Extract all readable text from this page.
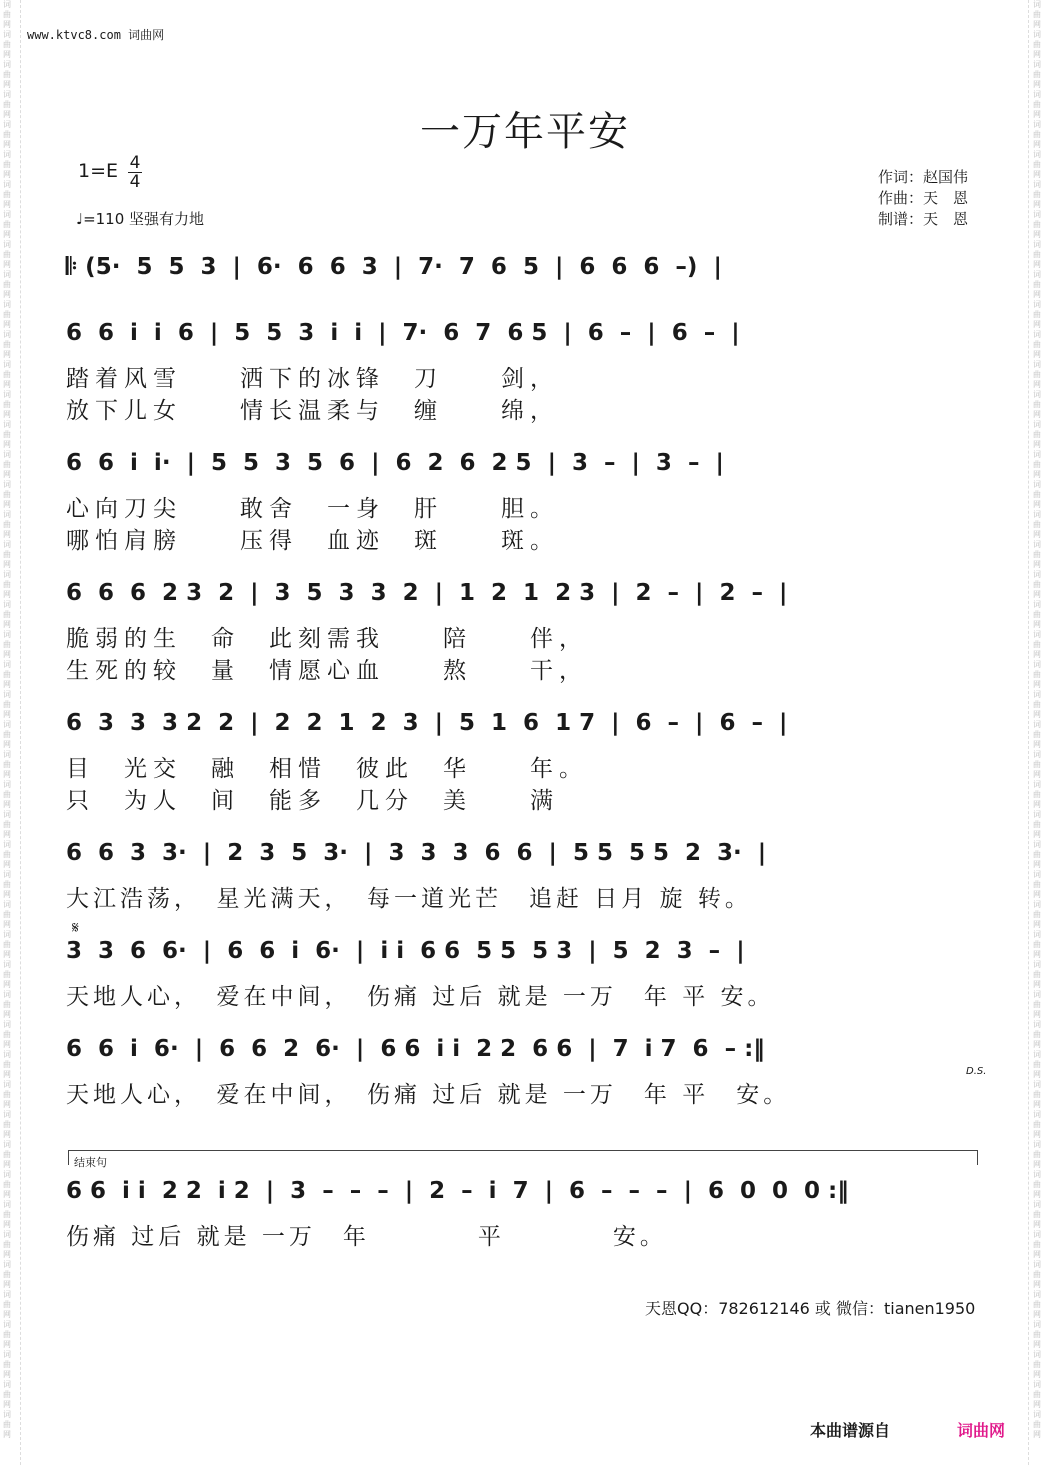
词曲网词曲网词曲网词曲网词曲网词曲网词曲网词曲网词曲网词曲网词曲网词曲网词曲网词曲网词曲网词曲网词曲网词曲网词曲网词曲网词曲网词曲网词曲网词曲网词曲网词曲网词曲网词曲网词曲网词曲网词曲网词曲网词曲网词曲网词曲网词曲网词曲网词曲网词曲网词曲网词曲网词曲网词曲网词曲网词曲网词曲网词曲网词曲网
词曲网词曲网词曲网词曲网词曲网词曲网词曲网词曲网词曲网词曲网词曲网词曲网词曲网词曲网词曲网词曲网词曲网词曲网词曲网词曲网词曲网词曲网词曲网词曲网词曲网词曲网词曲网词曲网词曲网词曲网词曲网词曲网词曲网词曲网词曲网词曲网词曲网词曲网词曲网词曲网词曲网词曲网词曲网词曲网词曲网词曲网词曲网词曲网
www.ktvc8.com 词曲网
一万年平安
1=E 4
4
♩=110 坚强有力地
作词：赵国伟
作曲：天　恩
制谱：天　恩
𝄆 (5·  5  5  3  |  6·  6  6  3  |  7·  7  6  5  |  6  6  6  –)  |
6  6  i  i  6  |  5  5  3  i  i  |  7·  6  7  6 5  |  6  –  |  6  –  |
踏着风雪　　洒下的冰锋　刀　　剑，
放下儿女　　情长温柔与　缠　　绵，
6  6  i  i·  |  5  5  3  5  6  |  6  2  6  2 5  |  3  –  |  3  –  |
心向刀尖　　敢舍　一身　肝　　胆。
哪怕肩膀　　压得　血迹　斑　　斑。
6  6  6  2 3  2  |  3  5  3  3  2  |  1  2  1  2 3  |  2  –  |  2  –  |
脆弱的生　命　此刻需我　　陪　　伴，
生死的较　量　情愿心血　　熬　　干，
6  3  3  3 2  2  |  2  2  1  2  3  |  5  1  6  1 7  |  6  –  |  6  –  |
目　光交　融　相惜　彼此　华　　年。
只　为人　间　能多　几分　美　　满
6  6  3  3·  |  2  3  5  3·  |  3  3  3  6  6  |  5 5  5 5  2  3·  |
大江浩荡，　星光满天，　每一道光芒　追赶 日月 旋 转。
𝄋
3  3  6  6·  |  6  6  i  6·  |  i i  6 6  5 5  5 3  |  5  2  3  –  |
天地人心，　爱在中间，　伤痛 过后 就是 一万　年 平 安。
6  6  i  6·  |  6  6  2  6·  |  6 6  i i  2 2  6 6  |  7  i 7  6  – :‖
D.S.
天地人心，　爱在中间，　伤痛 过后 就是 一万　年 平　安。
结束句
6 6  i i  2 2  i 2  |  3  –  –  –  |  2  –  i  7  |  6  –  –  –  |  6  0  0  0 :‖
伤痛 过后 就是 一万　年　　　　平　　　　安。
天恩QQ：782612146 或 微信：tianen1950
本曲谱源自	词曲网
